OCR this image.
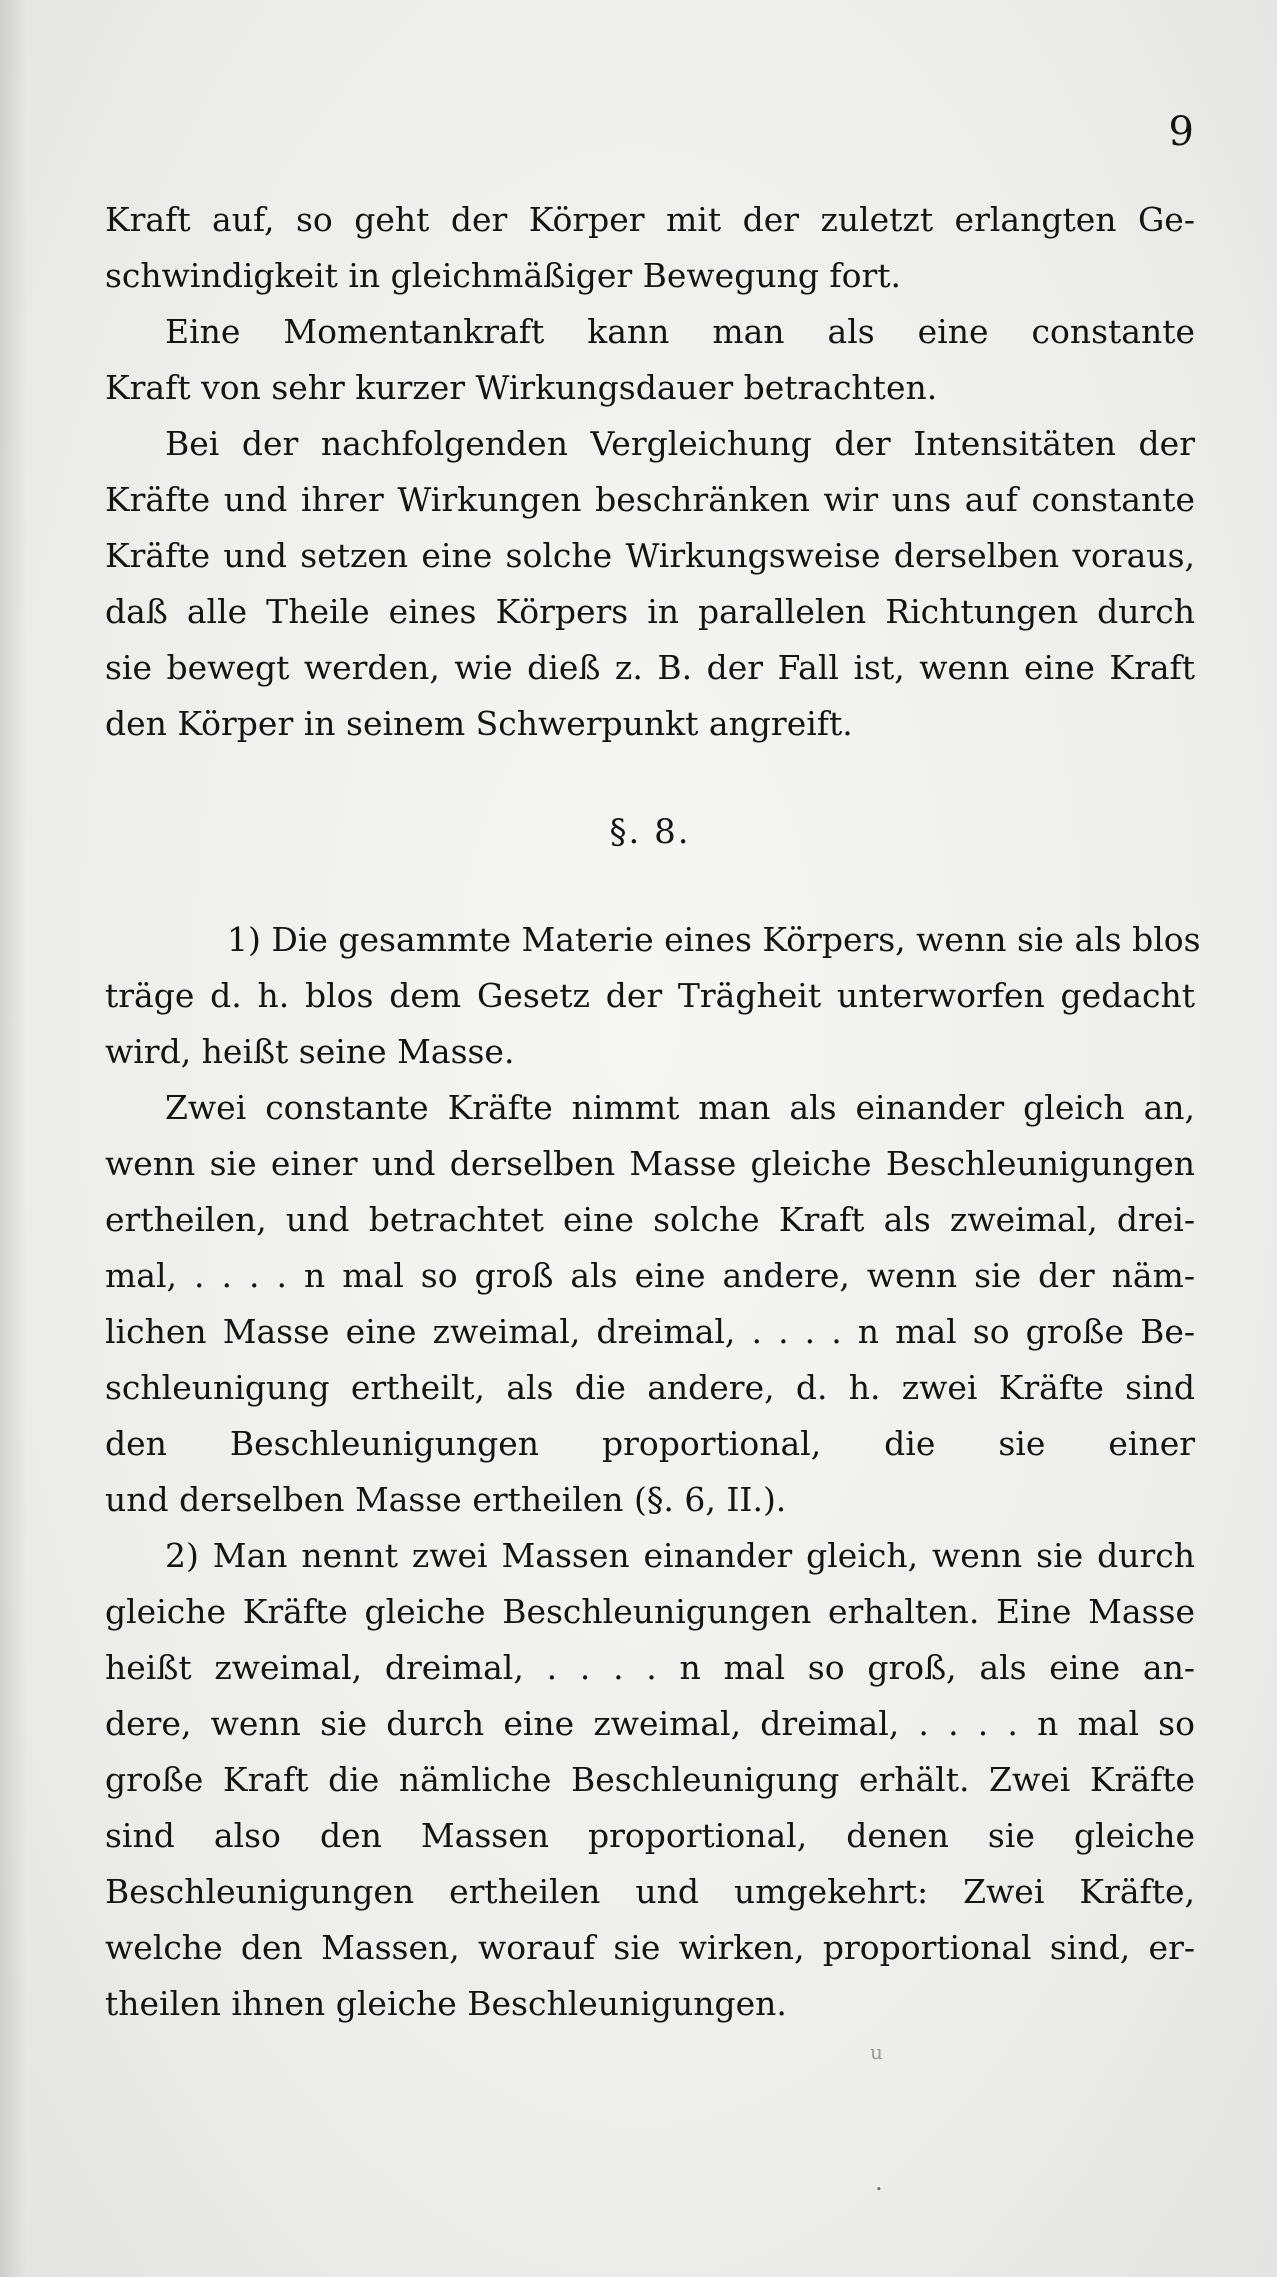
9
Kraft auf, so geht der Körper mit der zuletzt erlangten Ge-
schwindigkeit in gleichmäßiger Bewegung fort.
Eine Momentankraft kann man als eine constante
Kraft von sehr kurzer Wirkungsdauer betrachten.
Bei der nachfolgenden Vergleichung der Intensitäten der
Kräfte und ihrer Wirkungen beschränken wir uns auf constante
Kräfte und setzen eine solche Wirkungsweise derselben voraus,
daß alle Theile eines Körpers in parallelen Richtungen durch
sie bewegt werden, wie dieß z. B. der Fall ist, wenn eine Kraft
den Körper in seinem Schwerpunkt angreift.
§. 8.
1) Die gesammte Materie eines Körpers, wenn sie als blos
träge d. h. blos dem Gesetz der Trägheit unterworfen gedacht
wird, heißt seine Masse.
Zwei constante Kräfte nimmt man als einander gleich an,
wenn sie einer und derselben Masse gleiche Beschleunigungen
ertheilen, und betrachtet eine solche Kraft als zweimal, drei-
mal, . . . . n mal so groß als eine andere, wenn sie der näm-
lichen Masse eine zweimal, dreimal, . . . . n mal so große Be-
schleunigung ertheilt, als die andere, d. h. zwei Kräfte sind
den Beschleunigungen proportional, die sie einer
und derselben Masse ertheilen (§. 6, II.).
2) Man nennt zwei Massen einander gleich, wenn sie durch
gleiche Kräfte gleiche Beschleunigungen erhalten. Eine Masse
heißt zweimal, dreimal, . . . . n mal so groß, als eine an-
dere, wenn sie durch eine zweimal, dreimal, . . . . n mal so
große Kraft die nämliche Beschleunigung erhält. Zwei Kräfte
sind also den Massen proportional, denen sie gleiche
Beschleunigungen ertheilen und umgekehrt: Zwei Kräfte,
welche den Massen, worauf sie wirken, proportional sind, er-
theilen ihnen gleiche Beschleunigungen.
u
.
